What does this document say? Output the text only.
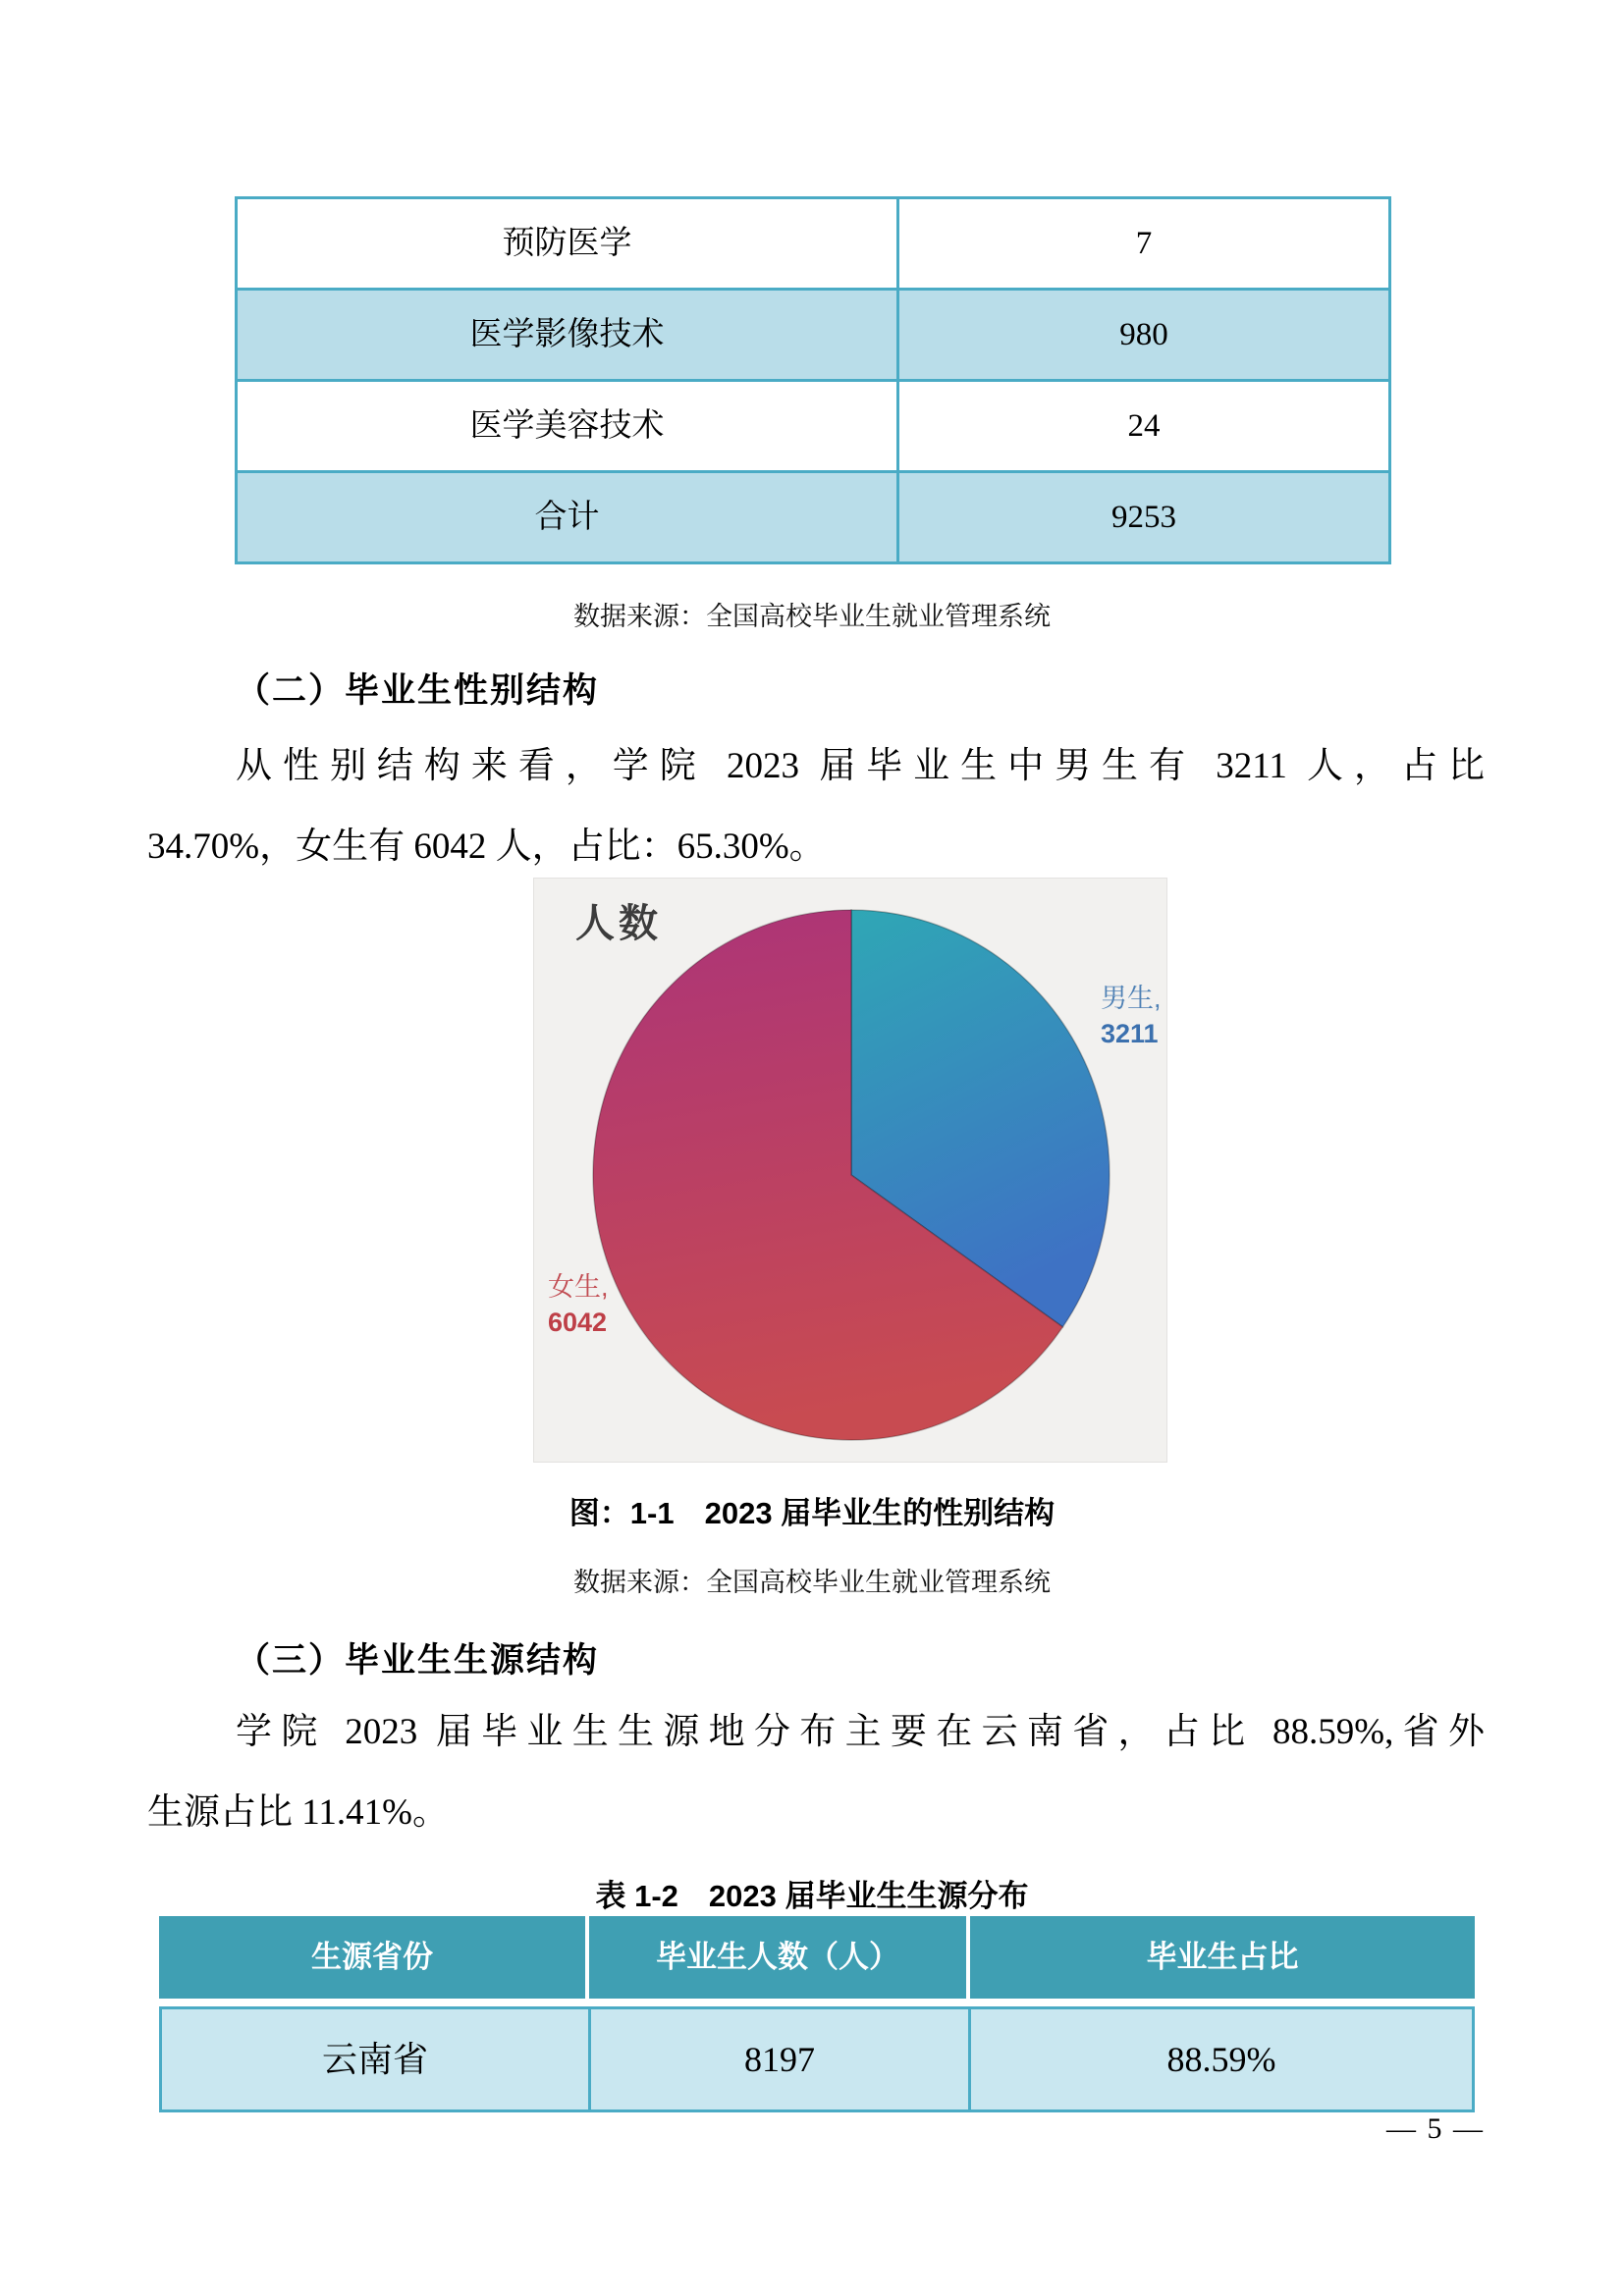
预防医学	7
医学影像技术	980
医学美容技术	24
合计	9253
数据来源：全国高校毕业生就业管理系统
（二）毕业生性别结构
从性别结构来看，学院 2023 届毕业生中男生有 3211 人，占比
34.70%，女生有 6042 人，占比：65.30%。
人数
男生,
3211
女生,
6042
图：1-1　2023 届毕业生的性别结构
数据来源：全国高校毕业生就业管理系统
（三）毕业生生源结构
学院 2023 届毕业生生源地分布主要在云南省，占比 88.59%,省外
生源占比 11.41%。
表 1-2　2023 届毕业生生源分布
生源省份	毕业生人数（人）	毕业生占比
云南省	8197	88.59%
— 5 —
